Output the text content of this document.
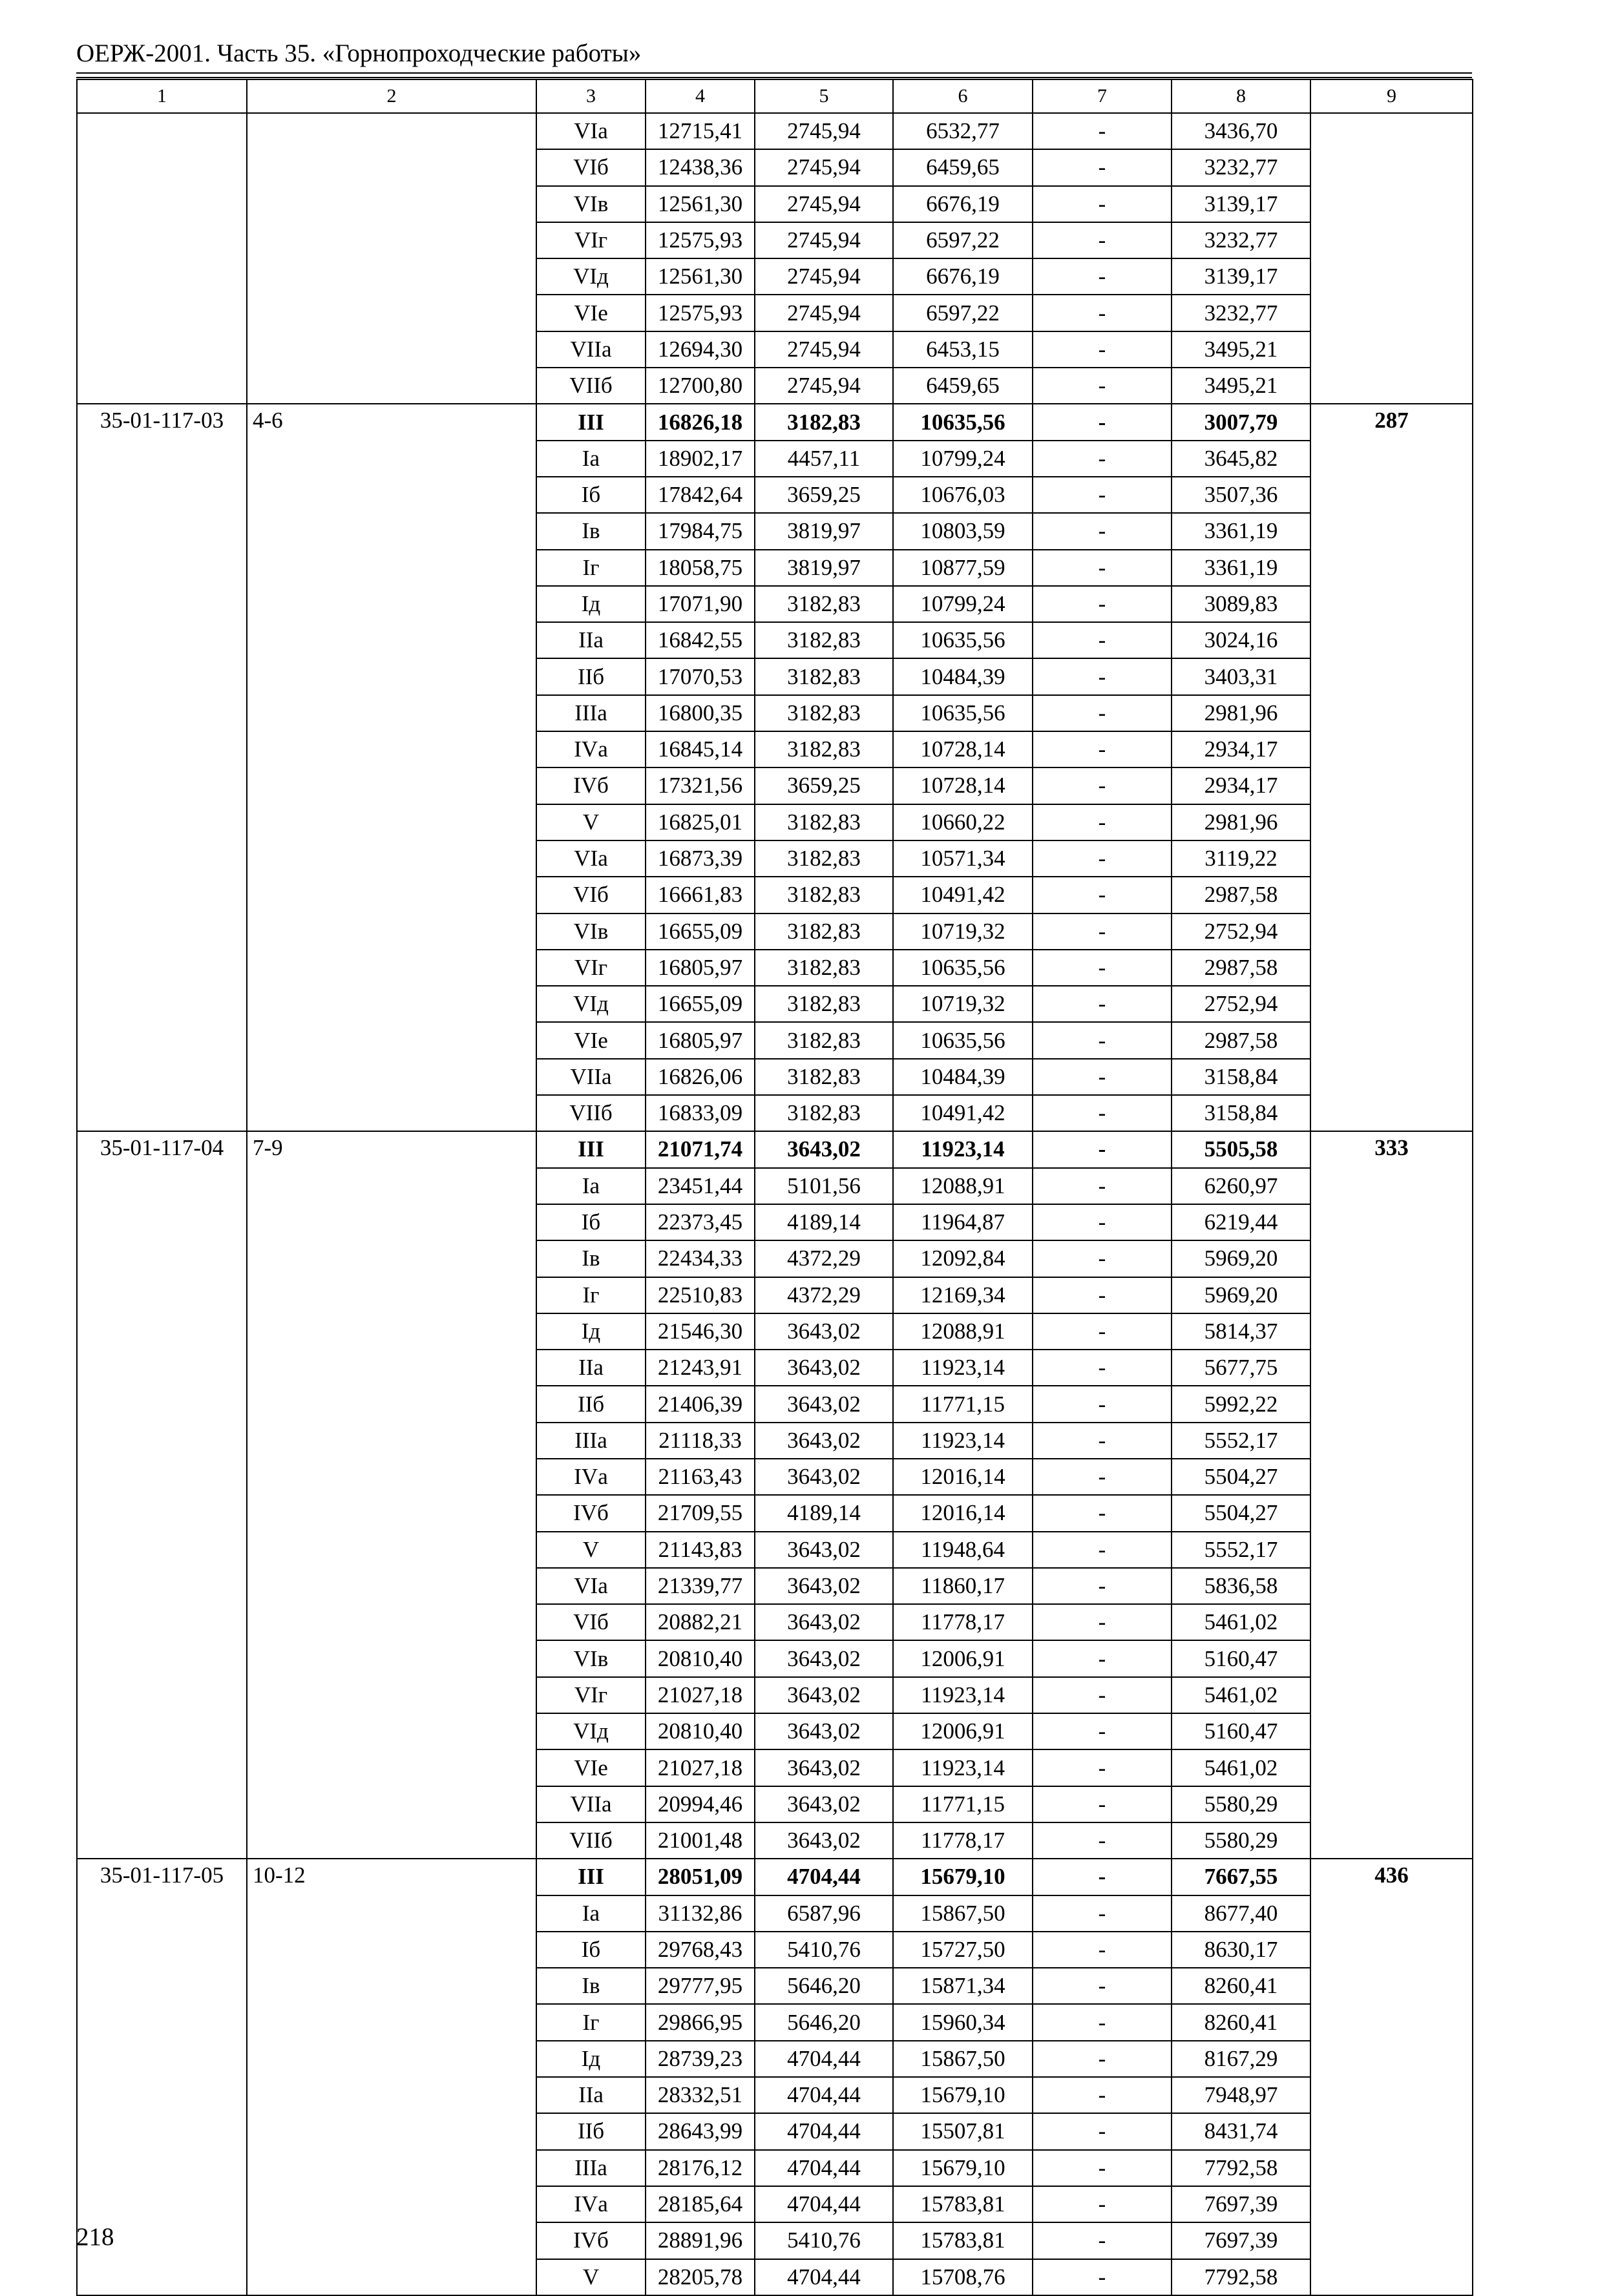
ОЕРЖ-2001. Часть 35. «Горнопроходческие работы»
1	2	3	4	5	6	7	8	9
		VIа	12715,41	2745,94	6532,77	-	3436,70	
		VIб	12438,36	2745,94	6459,65	-	3232,77	
		VIв	12561,30	2745,94	6676,19	-	3139,17	
		VIг	12575,93	2745,94	6597,22	-	3232,77	
		VIд	12561,30	2745,94	6676,19	-	3139,17	
		VIе	12575,93	2745,94	6597,22	-	3232,77	
		VIIа	12694,30	2745,94	6453,15	-	3495,21	
		VIIб	12700,80	2745,94	6459,65	-	3495,21	
35-01-117-03	4-6	III	16826,18	3182,83	10635,56	-	3007,79	287
		Iа	18902,17	4457,11	10799,24	-	3645,82	
		Iб	17842,64	3659,25	10676,03	-	3507,36	
		Iв	17984,75	3819,97	10803,59	-	3361,19	
		Iг	18058,75	3819,97	10877,59	-	3361,19	
		Iд	17071,90	3182,83	10799,24	-	3089,83	
		IIа	16842,55	3182,83	10635,56	-	3024,16	
		IIб	17070,53	3182,83	10484,39	-	3403,31	
		IIIа	16800,35	3182,83	10635,56	-	2981,96	
		IVа	16845,14	3182,83	10728,14	-	2934,17	
		IVб	17321,56	3659,25	10728,14	-	2934,17	
		V	16825,01	3182,83	10660,22	-	2981,96	
		VIа	16873,39	3182,83	10571,34	-	3119,22	
		VIб	16661,83	3182,83	10491,42	-	2987,58	
		VIв	16655,09	3182,83	10719,32	-	2752,94	
		VIг	16805,97	3182,83	10635,56	-	2987,58	
		VIд	16655,09	3182,83	10719,32	-	2752,94	
		VIе	16805,97	3182,83	10635,56	-	2987,58	
		VIIа	16826,06	3182,83	10484,39	-	3158,84	
		VIIб	16833,09	3182,83	10491,42	-	3158,84	
35-01-117-04	7-9	III	21071,74	3643,02	11923,14	-	5505,58	333
		Iа	23451,44	5101,56	12088,91	-	6260,97	
		Iб	22373,45	4189,14	11964,87	-	6219,44	
		Iв	22434,33	4372,29	12092,84	-	5969,20	
		Iг	22510,83	4372,29	12169,34	-	5969,20	
		Iд	21546,30	3643,02	12088,91	-	5814,37	
		IIа	21243,91	3643,02	11923,14	-	5677,75	
		IIб	21406,39	3643,02	11771,15	-	5992,22	
		IIIа	21118,33	3643,02	11923,14	-	5552,17	
		IVа	21163,43	3643,02	12016,14	-	5504,27	
		IVб	21709,55	4189,14	12016,14	-	5504,27	
		V	21143,83	3643,02	11948,64	-	5552,17	
		VIа	21339,77	3643,02	11860,17	-	5836,58	
		VIб	20882,21	3643,02	11778,17	-	5461,02	
		VIв	20810,40	3643,02	12006,91	-	5160,47	
		VIг	21027,18	3643,02	11923,14	-	5461,02	
		VIд	20810,40	3643,02	12006,91	-	5160,47	
		VIе	21027,18	3643,02	11923,14	-	5461,02	
		VIIа	20994,46	3643,02	11771,15	-	5580,29	
		VIIб	21001,48	3643,02	11778,17	-	5580,29	
35-01-117-05	10-12	III	28051,09	4704,44	15679,10	-	7667,55	436
		Iа	31132,86	6587,96	15867,50	-	8677,40	
		Iб	29768,43	5410,76	15727,50	-	8630,17	
		Iв	29777,95	5646,20	15871,34	-	8260,41	
		Iг	29866,95	5646,20	15960,34	-	8260,41	
		Iд	28739,23	4704,44	15867,50	-	8167,29	
		IIа	28332,51	4704,44	15679,10	-	7948,97	
		IIб	28643,99	4704,44	15507,81	-	8431,74	
		IIIа	28176,12	4704,44	15679,10	-	7792,58	
		IVа	28185,64	4704,44	15783,81	-	7697,39	
		IVб	28891,96	5410,76	15783,81	-	7697,39	
		V	28205,78	4704,44	15708,76	-	7792,58	
218
